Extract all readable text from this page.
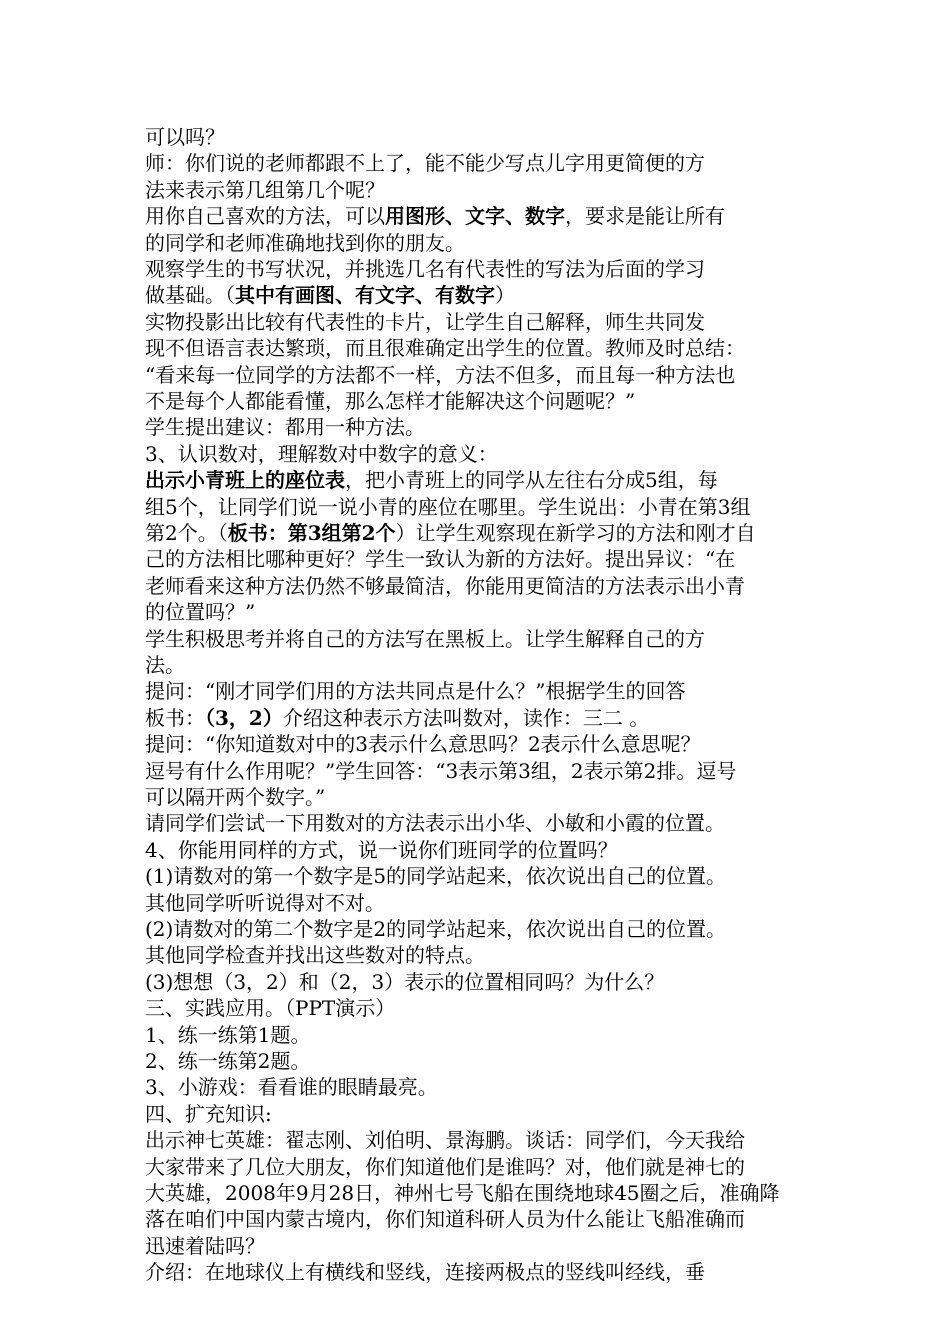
可以吗？
师：你们说的老师都跟不上了，能不能少写点儿字用更简便的方
法来表示第几组第几个呢？
用你自己喜欢的方法，可以用图形、文字、数字，要求是能让所有
的同学和老师准确地找到你的朋友。
观察学生的书写状况，并挑选几名有代表性的写法为后面的学习
做基础。（其中有画图、有文字、有数字）
实物投影出比较有代表性的卡片，让学生自己解释，师生共同发
现不但语言表达繁琐，而且很难确定出学生的位置。教师及时总结：
“看来每一位同学的方法都不一样，方法不但多，而且每一种方法也
不是每个人都能看懂，那么怎样才能解决这个问题呢？”
学生提出建议：都用一种方法。
3、认识数对，理解数对中数字的意义：
出示小青班上的座位表，把小青班上的同学从左往右分成5组，每
组5个，让同学们说一说小青的座位在哪里。学生说出：小青在第3组
第2个。（板书：第3组第2个）让学生观察现在新学习的方法和刚才自
己的方法相比哪种更好？学生一致认为新的方法好。提出异议：“在
老师看来这种方法仍然不够最简洁，你能用更简洁的方法表示出小青
的位置吗？”
学生积极思考并将自己的方法写在黑板上。让学生解释自己的方
法。
提问：“刚才同学们用的方法共同点是什么？”根据学生的回答
板书：（3，2）介绍这种表示方法叫数对，读作：三二 。
提问：“你知道数对中的3表示什么意思吗？2表示什么意思呢？
逗号有什么作用呢？”学生回答：“3表示第3组，2表示第2排。逗号
可以隔开两个数字。”
请同学们尝试一下用数对的方法表示出小华、小敏和小霞的位置。
4、你能用同样的方式，说一说你们班同学的位置吗？
(1)请数对的第一个数字是5的同学站起来，依次说出自己的位置。
其他同学听听说得对不对。
(2)请数对的第二个数字是2的同学站起来，依次说出自己的位置。
其他同学检查并找出这些数对的特点。
(3)想想（3，2）和（2，3）表示的位置相同吗？为什么？
三、实践应用。（PPT演示）
1、练一练第1题。
2、练一练第2题。
3、小游戏：看看谁的眼睛最亮。
四、扩充知识:
出示神七英雄：翟志刚、刘伯明、景海鹏。谈话：同学们，今天我给
大家带来了几位大朋友，你们知道他们是谁吗？对，他们就是神七的
大英雄，2008年9月28日，神州七号飞船在围绕地球45圈之后，准确降
落在咱们中国内蒙古境内，你们知道科研人员为什么能让飞船准确而
迅速着陆吗？
介绍：在地球仪上有横线和竖线，连接两极点的竖线叫经线，垂
